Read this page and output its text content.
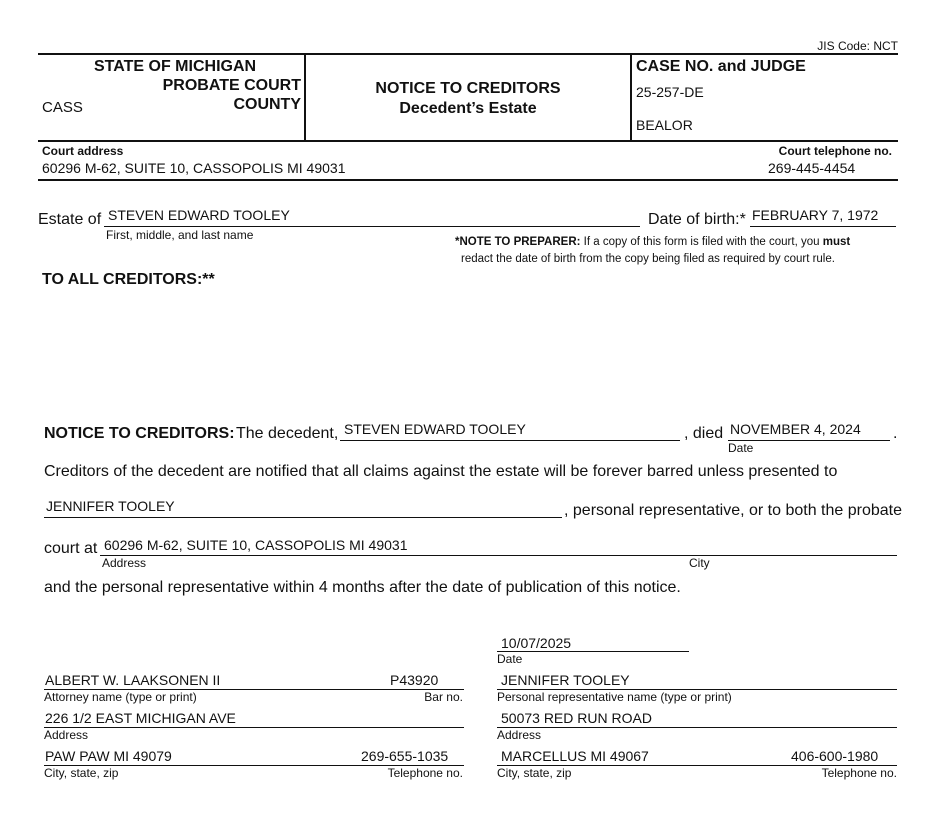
JIS Code: NCT
STATE OF MICHIGAN
PROBATE COURT
CASS	COUNTY
NOTICE TO CREDITORS
Decedent’s Estate
CASE NO. and JUDGE
25-257-DE
BEALOR
Court address
60296 M-62, SUITE 10, CASSOPOLIS MI 49031
Court telephone no.
269-445-4454
Estate of STEVEN EDWARD TOOLEY
First, middle, and last name
Date of birth:* FEBRUARY 7, 1972
*NOTE TO PREPARER: If a copy of this form is filed with the court, you must
redact the date of birth from the copy being filed as required by court rule.
TO ALL CREDITORS:**
NOTICE TO CREDITORS: The decedent, STEVEN EDWARD TOOLEY	, died NOVEMBER 4, 2024
Date
.
Creditors of the decedent are notified that all claims against the estate will be forever barred unless presented to
JENNIFER TOOLEY	, personal representative, or to both the probate
court at 60296 M-62, SUITE 10, CASSOPOLIS MI 49031
Address	City
and the personal representative within 4 months after the date of publication of this notice.
10/07/2025
Date
ALBERT W. LAAKSONEN II	P43920
Attorney name (type or print)	Bar no.
226 1/2 EAST MICHIGAN AVE
Address
PAW PAW MI 49079	269-655-1035
City, state, zip	Telephone no.
JENNIFER TOOLEY
Personal representative name (type or print)
50073 RED RUN ROAD
Address
MARCELLUS MI 49067	406-600-1980
City, state, zip	Telephone no.
